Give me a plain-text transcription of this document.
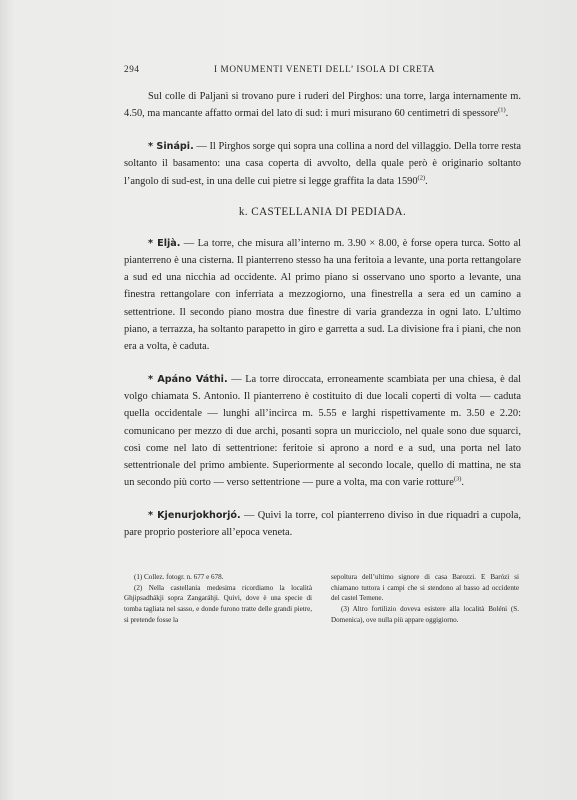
294	I MONUMENTI VENETI DELL’ ISOLA DI CRETA

Sul colle di Paljanì si trovano pure i ruderi del Pirghos: una torre, larga internamente m. 4.50, ma mancante affatto ormai del lato di sud: i muri misurano 60 centimetri di spessore$^{(1)}$.

* Sinápi. — Il Pirghos sorge qui sopra una collina a nord del villaggio. Della torre resta soltanto il basamento: una casa coperta di avvolto, della quale però è originario soltanto l’angolo di sud-est, in una delle cui pietre si legge graffita la data 1590$^{(2)}$.

k. CASTELLANIA DI PEDIADA.

* Eljà. — La torre, che misura all’interno m. 3.90 × 8.00, è forse opera turca. Sotto al pianterreno è una cisterna. Il pianterreno stesso ha una feritoia a levante, una porta rettangolare a sud ed una nicchia ad occidente. Al primo piano si osservano uno sporto a levante, una finestra rettangolare con inferriata a mezzogiorno, una finestrella a sera ed un camino a settentrione. Il secondo piano mostra due finestre di varia grandezza in ogni lato. L’ultimo piano, a terrazza, ha soltanto parapetto in giro e garretta a sud. La divisione fra i piani, che non era a volta, è caduta.

* Apáno Váthi. — La torre diroccata, erroneamente scambiata per una chiesa, è dal volgo chiamata S. Antonio. Il pianterreno è costituito di due locali coperti di volta — caduta quella occidentale — lunghi all’incirca m. 5.55 e larghi rispettivamente m. 3.50 e 2.20: comunicano per mezzo di due archi, posanti sopra un muricciolo, nel quale sono due squarci, così come nel lato di settentrione: feritoie si aprono a nord e a sud, una porta nel lato settentrionale del primo ambiente. Superiormente al secondo locale, quello di mattina, ne sta un secondo più corto — verso settentrione — pure a volta, ma con varie rotture$^{(3)}$.

* Kjenurjokhorjó. — Quivi la torre, col pianterreno diviso in due riquadri a cupola, pare proprio posteriore all’epoca veneta.

(1) Collez. fotogr. n. 677 e 678.

(2) Nella castellania medesima ricordiamo la località Ghjipsadhákji sopra Zangaráhji. Quivi, dove è una specie di tomba tagliata nel sasso, e donde furono tratte delle grandi pietre, si pretende fosse la

sepoltura dell’ultimo signore di casa Barozzi. E Barózi si chiamano tuttora i campi che si stendono al basso ad occidente del castel Temene.

(3) Altro fortilizio doveva esistere alla località Boléni (S. Domenica), ove nulla più appare oggigiorno.
